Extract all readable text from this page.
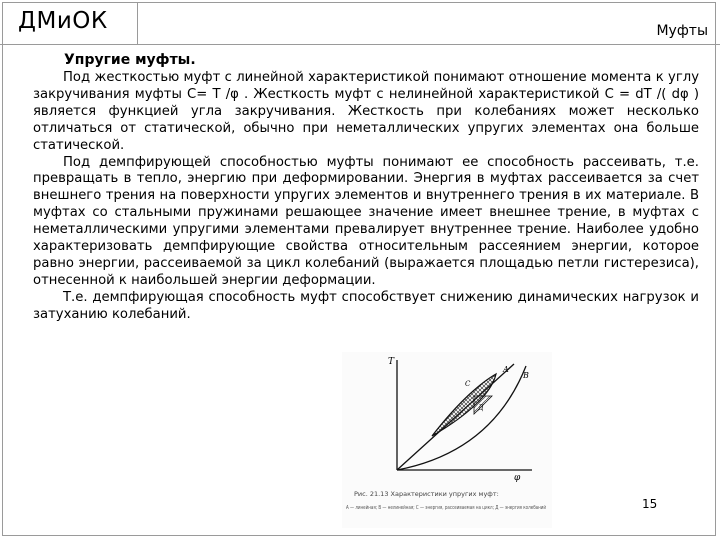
ДМиОК	Муфты
Упругие муфты.

Под жесткостью муфт с линейной характеристикой понимают отношение момента к углу закручивания муфты С= Т /φ . Жесткость муфт с нелинейной характеристикой С = dТ /( dφ ) является функцией угла закручивания. Жесткость при колебаниях может несколько отличаться от статической, обычно при неметаллических упругих элементах она больше статической.

Под демпфирующей способностью муфты понимают ее способность рассеивать, т.е. превращать в тепло, энергию при деформировании. Энергия в муфтах рассеивается за счет внешнего трения на поверхности упругих элементов и внутреннего трения в их материале. В муфтах со стальными пружинами решающее значение имеет внешнее трение, в муфтах с неметаллическими упругими элементами превалирует внутреннее трение. Наиболее удобно характеризовать демпфирующие свойства относительным рассеянием энергии, которое равно энергии, рассеиваемой за цикл колебаний (выражается площадью петли гистерезиса), отнесенной к наибольшей энергии деформации.

Т.е. демпфирующая способность муфт способствует снижению динамических нагрузок и затуханию колебаний.

T
φ
A
B
C
Д
Рис. 21.13 Характеристики упругих муфт:
А — линейная; В — нелинейная; С — энергия, рассеиваемая на цикл; Д — энергия колебаний	15
